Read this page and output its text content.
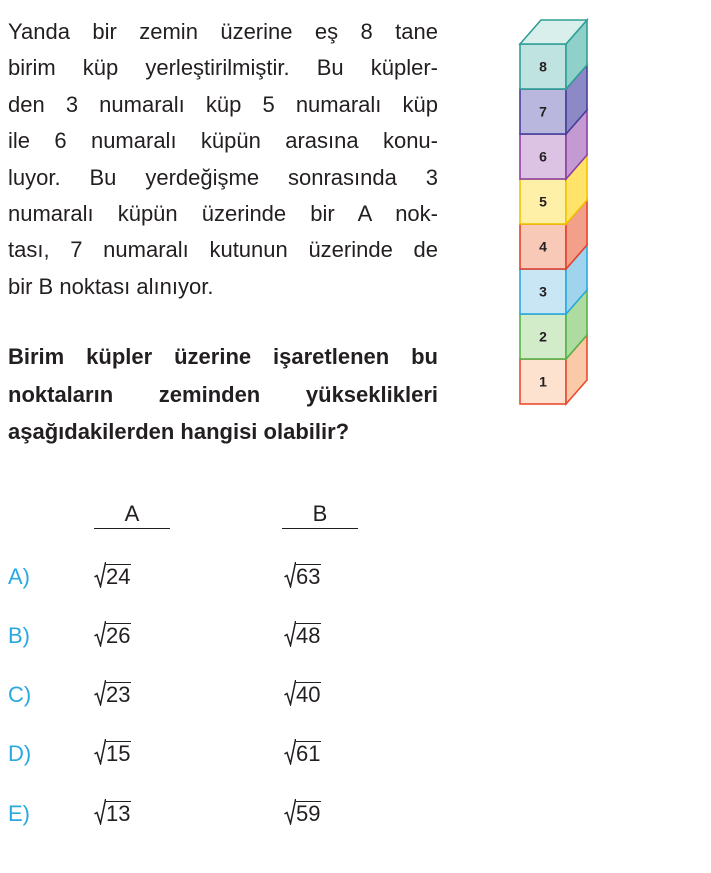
Yanda bir zemin üzerine eş 8 tane
birim küp yerleştirilmiştir. Bu küpler-
den 3 numaralı küp 5 numaralı küp
ile 6 numaralı küpün arasına konu-
luyor. Bu yerdeğişme sonrasında 3
numaralı küpün üzerinde bir A nok-
tası, 7 numaralı kutunun üzerinde de
bir B noktası alınıyor.
Birim küpler üzerine işaretlenen bu
noktaların zeminden yükseklikleri
aşağıdakilerden hangisi olabilir?
1
2
3
4
5
6
7
8
A	B
A)	24	63
B)	26	48
C)	23	40
D)	15	61
E)	13	59
